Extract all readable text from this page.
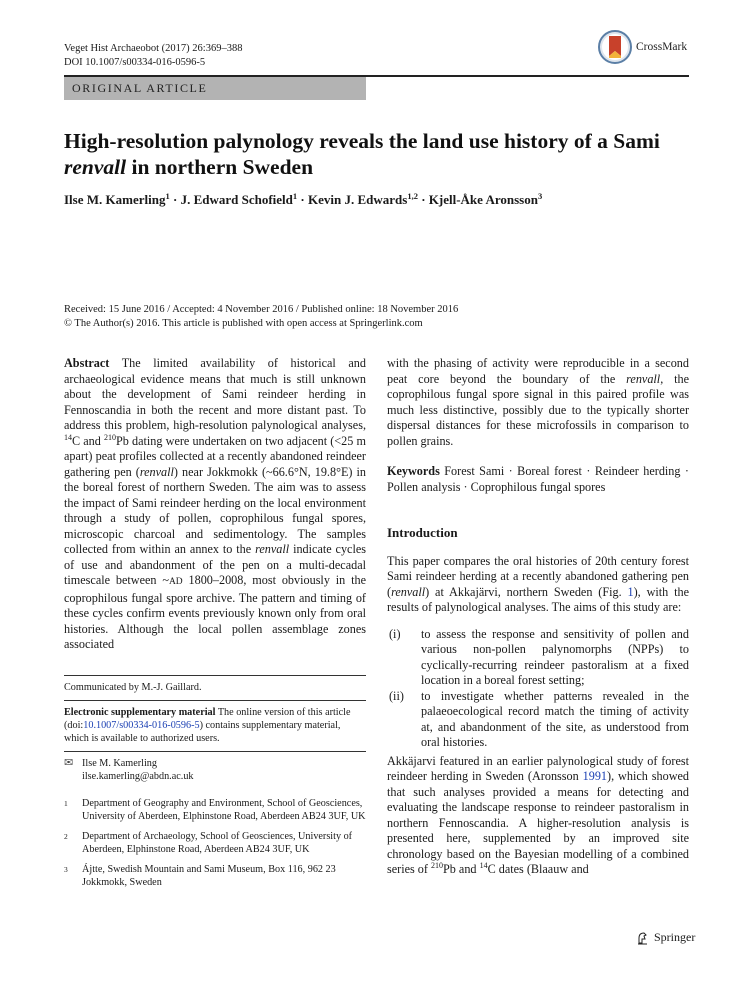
Veget Hist Archaeobot (2017) 26:369–388
DOI 10.1007/s00334-016-0596-5
CrossMark
ORIGINAL ARTICLE
High-resolution palynology reveals the land use history of a Sami
renvall in northern Sweden
Ilse M. Kamerling$^1$ · J. Edward Schofield$^1$ · Kevin J. Edwards$^{1,2}$ · Kjell-Åke Aronsson$^3$
Received: 15 June 2016 / Accepted: 4 November 2016 / Published online: 18 November 2016
© The Author(s) 2016. This article is published with open access at Springerlink.com

Abstract The limited availability of historical and archaeological evidence means that much is still unknown about the development of Sami reindeer herding in Fennoscandia in both the recent and more distant past. To address this problem, high-resolution palynological analyses, $^{14}$C and $^{210}$Pb dating were undertaken on two adjacent (<25 m apart) peat profiles collected at a recently abandoned reindeer gathering pen (renvall) near Jokkmokk (~66.6°N, 19.8°E) in the boreal forest of northern Sweden. The aim was to assess the impact of Sami reindeer herding on the local environment through a study of pollen, coprophilous fungal spores, microscopic charcoal and sedimentology. The samples collected from within an annex to the renvall indicate cycles of use and abandonment of the pen on a multi-decadal timescale between ~AD 1800–2008, most obviously in the coprophilous fungal spore archive. The pattern and timing of these cycles confirm events previously known only from oral histories. Although the local pollen assemblage zones associated

Communicated by M.-J. Gaillard.
Electronic supplementary material The online version of this article (doi:10.1007/s00334-016-0596-5) contains supplementary material, which is available to authorized users.
✉ Ilse M. Kamerling
ilse.kamerling@abdn.ac.uk
1	Department of Geography and Environment, School of Geosciences, University of Aberdeen, Elphinstone Road, Aberdeen AB24 3UF, UK
2	Department of Archaeology, School of Geosciences, University of Aberdeen, Elphinstone Road, Aberdeen AB24 3UF, UK
3	Ájtte, Swedish Mountain and Sami Museum, Box 116, 962 23 Jokkmokk, Sweden

with the phasing of activity were reproducible in a second peat core beyond the boundary of the renvall, the coprophilous fungal spore signal in this paired profile was much less distinctive, possibly due to the typically shorter dispersal distances for these microfossils in comparison to pollen grains.

Keywords Forest Sami · Boreal forest · Reindeer herding · Pollen analysis · Coprophilous fungal spores

Introduction

This paper compares the oral histories of 20th century forest Sami reindeer herding at a recently abandoned gathering pen (renvall) at Akkajärvi, northern Sweden (Fig. 1), with the results of palynological analyses. The aims of this study are:

(i)	to assess the response and sensitivity of pollen and various non-pollen palynomorphs (NPPs) to cyclically-recurring reindeer pastoralism at a fixed location in a boreal forest setting;
(ii)	to investigate whether patterns revealed in the palaeoecological record match the timing of activity at, and abandonment of the site, as understood from oral histories.

Akkäjarvi featured in an earlier palynological study of forest reindeer herding in Sweden (Aronsson 1991), which showed that such analyses provided a means for detecting and evaluating the landscape response to reindeer pastoralism in northern Fennoscandia. A higher-resolution analysis is presented here, supplemented by an improved site chronology based on the Bayesian modelling of a combined series of $^{210}$Pb and $^{14}$C dates (Blaauw and

Springer
